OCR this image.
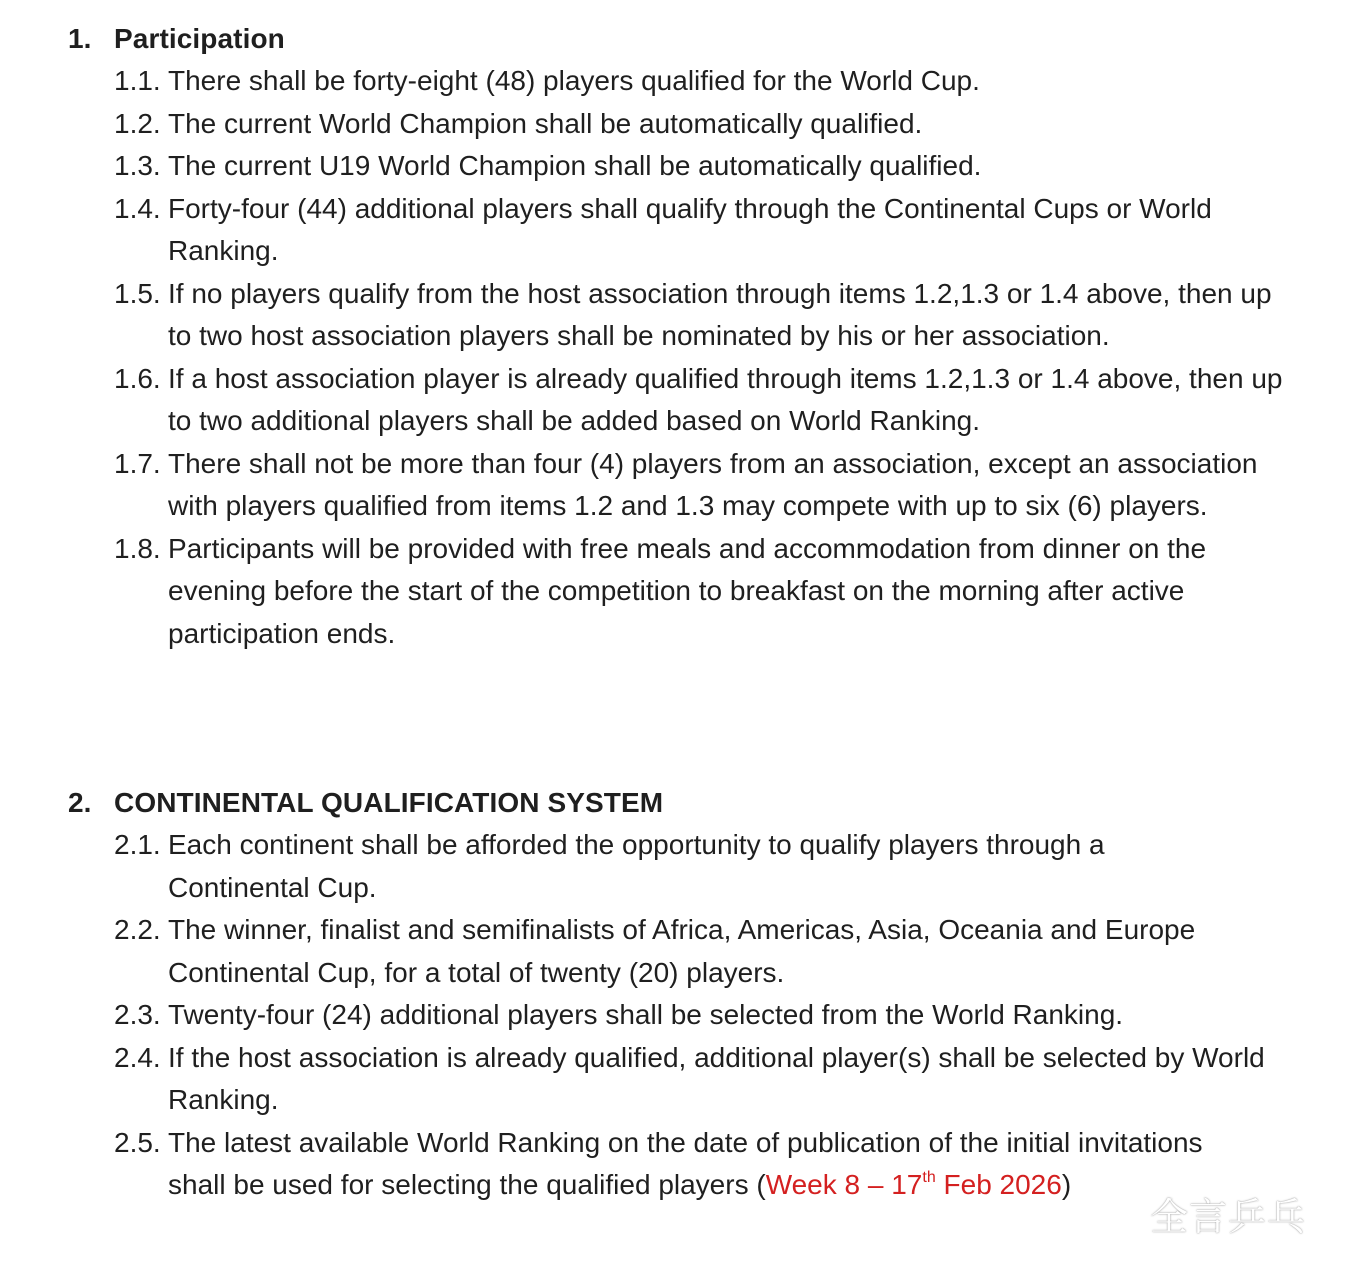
1. Participation
1.1. There shall be forty-eight (48) players qualified for the World Cup.
1.2. The current World Champion shall be automatically qualified.
1.3. The current U19 World Champion shall be automatically qualified.
1.4. Forty-four (44) additional players shall qualify through the Continental Cups or World Ranking.
1.5. If no players qualify from the host association through items 1.2,1.3 or 1.4 above, then up to two host association players shall be nominated by his or her association.
1.6. If a host association player is already qualified through items 1.2,1.3 or 1.4 above, then up to two additional players shall be added based on World Ranking.
1.7. There shall not be more than four (4) players from an association, except an association with players qualified from items 1.2 and 1.3 may compete with up to six (6) players.
1.8. Participants will be provided with free meals and accommodation from dinner on the evening before the start of the competition to breakfast on the morning after active participation ends.
2. CONTINENTAL QUALIFICATION SYSTEM
2.1. Each continent shall be afforded the opportunity to qualify players through a Continental Cup.
2.2. The winner, finalist and semifinalists of Africa, Americas, Asia, Oceania and Europe Continental Cup, for a total of twenty (20) players.
2.3. Twenty-four (24) additional players shall be selected from the World Ranking.
2.4. If the host association is already qualified, additional player(s) shall be selected by World Ranking.
2.5. The latest available World Ranking on the date of publication of the initial invitations shall be used for selecting the qualified players (Week 8 – 17th Feb 2026)
全言乒乓
